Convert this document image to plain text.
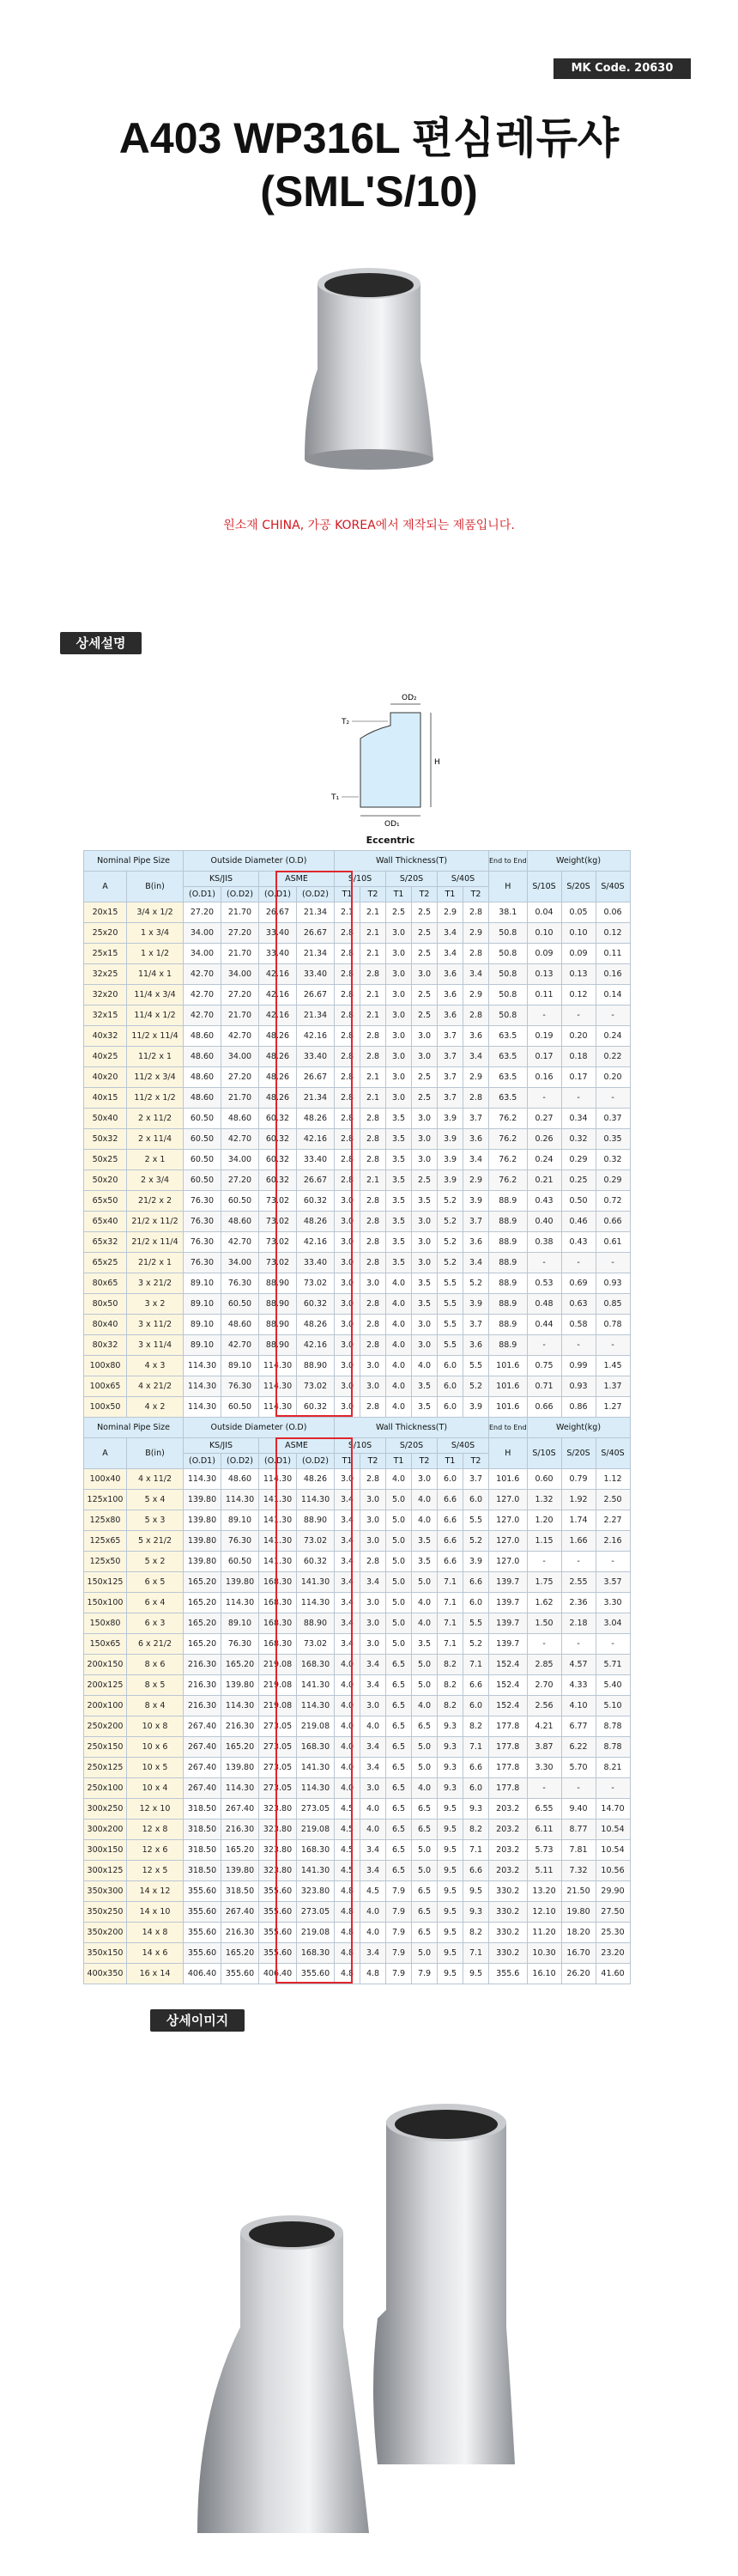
MK Code. 20630
A403 WP316L 편심레듀샤
(SML'S/10)
원소재 CHINA, 가공 KOREA에서 제작되는 제품입니다.
상세설명
OD₂
OD₁
T₂
T₁
H
Eccentric
Nominal Pipe Size		Outside Diameter (O.D)				Wall Thickness(T)						End to End	Weight(kg)		
A	B(in)	KS/JIS		ASME		S/10S		S/20S		S/40S		H	S/10S	S/20S	S/40S
		(O.D1)	(O.D2)	(O.D1)	(O.D2)	T1	T2	T1	T2	T1	T2				
20x15	3/4 x 1/2	27.20	21.70	26.67	21.34	2.1	2.1	2.5	2.5	2.9	2.8	38.1	0.04	0.05	0.06
25x20	1 x 3/4	34.00	27.20	33.40	26.67	2.8	2.1	3.0	2.5	3.4	2.9	50.8	0.10	0.10	0.12
25x15	1 x 1/2	34.00	21.70	33.40	21.34	2.8	2.1	3.0	2.5	3.4	2.8	50.8	0.09	0.09	0.11
32x25	11/4 x 1	42.70	34.00	42.16	33.40	2.8	2.8	3.0	3.0	3.6	3.4	50.8	0.13	0.13	0.16
32x20	11/4 x 3/4	42.70	27.20	42.16	26.67	2.8	2.1	3.0	2.5	3.6	2.9	50.8	0.11	0.12	0.14
32x15	11/4 x 1/2	42.70	21.70	42.16	21.34	2.8	2.1	3.0	2.5	3.6	2.8	50.8	-	-	-
40x32	11/2 x 11/4	48.60	42.70	48.26	42.16	2.8	2.8	3.0	3.0	3.7	3.6	63.5	0.19	0.20	0.24
40x25	11/2 x 1	48.60	34.00	48.26	33.40	2.8	2.8	3.0	3.0	3.7	3.4	63.5	0.17	0.18	0.22
40x20	11/2 x 3/4	48.60	27.20	48.26	26.67	2.8	2.1	3.0	2.5	3.7	2.9	63.5	0.16	0.17	0.20
40x15	11/2 x 1/2	48.60	21.70	48.26	21.34	2.8	2.1	3.0	2.5	3.7	2.8	63.5	-	-	-
50x40	2 x 11/2	60.50	48.60	60.32	48.26	2.8	2.8	3.5	3.0	3.9	3.7	76.2	0.27	0.34	0.37
50x32	2 x 11/4	60.50	42.70	60.32	42.16	2.8	2.8	3.5	3.0	3.9	3.6	76.2	0.26	0.32	0.35
50x25	2 x 1	60.50	34.00	60.32	33.40	2.8	2.8	3.5	3.0	3.9	3.4	76.2	0.24	0.29	0.32
50x20	2 x 3/4	60.50	27.20	60.32	26.67	2.8	2.1	3.5	2.5	3.9	2.9	76.2	0.21	0.25	0.29
65x50	21/2 x 2	76.30	60.50	73.02	60.32	3.0	2.8	3.5	3.5	5.2	3.9	88.9	0.43	0.50	0.72
65x40	21/2 x 11/2	76.30	48.60	73.02	48.26	3.0	2.8	3.5	3.0	5.2	3.7	88.9	0.40	0.46	0.66
65x32	21/2 x 11/4	76.30	42.70	73.02	42.16	3.0	2.8	3.5	3.0	5.2	3.6	88.9	0.38	0.43	0.61
65x25	21/2 x 1	76.30	34.00	73.02	33.40	3.0	2.8	3.5	3.0	5.2	3.4	88.9	-	-	-
80x65	3 x 21/2	89.10	76.30	88.90	73.02	3.0	3.0	4.0	3.5	5.5	5.2	88.9	0.53	0.69	0.93
80x50	3 x 2	89.10	60.50	88.90	60.32	3.0	2.8	4.0	3.5	5.5	3.9	88.9	0.48	0.63	0.85
80x40	3 x 11/2	89.10	48.60	88.90	48.26	3.0	2.8	4.0	3.0	5.5	3.7	88.9	0.44	0.58	0.78
80x32	3 x 11/4	89.10	42.70	88.90	42.16	3.0	2.8	4.0	3.0	5.5	3.6	88.9	-	-	-
100x80	4 x 3	114.30	89.10	114.30	88.90	3.0	3.0	4.0	4.0	6.0	5.5	101.6	0.75	0.99	1.45
100x65	4 x 21/2	114.30	76.30	114.30	73.02	3.0	3.0	4.0	3.5	6.0	5.2	101.6	0.71	0.93	1.37
100x50	4 x 2	114.30	60.50	114.30	60.32	3.0	2.8	4.0	3.5	6.0	3.9	101.6	0.66	0.86	1.27
Nominal Pipe Size		Outside Diameter (O.D)				Wall Thickness(T)						End to End	Weight(kg)		
A	B(in)	KS/JIS		ASME		S/10S		S/20S		S/40S		H	S/10S	S/20S	S/40S
		(O.D1)	(O.D2)	(O.D1)	(O.D2)	T1	T2	T1	T2	T1	T2				
100x40	4 x 11/2	114.30	48.60	114.30	48.26	3.0	2.8	4.0	3.0	6.0	3.7	101.6	0.60	0.79	1.12
125x100	5 x 4	139.80	114.30	141.30	114.30	3.4	3.0	5.0	4.0	6.6	6.0	127.0	1.32	1.92	2.50
125x80	5 x 3	139.80	89.10	141.30	88.90	3.4	3.0	5.0	4.0	6.6	5.5	127.0	1.20	1.74	2.27
125x65	5 x 21/2	139.80	76.30	141.30	73.02	3.4	3.0	5.0	3.5	6.6	5.2	127.0	1.15	1.66	2.16
125x50	5 x 2	139.80	60.50	141.30	60.32	3.4	2.8	5.0	3.5	6.6	3.9	127.0	-	-	-
150x125	6 x 5	165.20	139.80	168.30	141.30	3.4	3.4	5.0	5.0	7.1	6.6	139.7	1.75	2.55	3.57
150x100	6 x 4	165.20	114.30	168.30	114.30	3.4	3.0	5.0	4.0	7.1	6.0	139.7	1.62	2.36	3.30
150x80	6 x 3	165.20	89.10	168.30	88.90	3.4	3.0	5.0	4.0	7.1	5.5	139.7	1.50	2.18	3.04
150x65	6 x 21/2	165.20	76.30	168.30	73.02	3.4	3.0	5.0	3.5	7.1	5.2	139.7	-	-	-
200x150	8 x 6	216.30	165.20	219.08	168.30	4.0	3.4	6.5	5.0	8.2	7.1	152.4	2.85	4.57	5.71
200x125	8 x 5	216.30	139.80	219.08	141.30	4.0	3.4	6.5	5.0	8.2	6.6	152.4	2.70	4.33	5.40
200x100	8 x 4	216.30	114.30	219.08	114.30	4.0	3.0	6.5	4.0	8.2	6.0	152.4	2.56	4.10	5.10
250x200	10 x 8	267.40	216.30	273.05	219.08	4.0	4.0	6.5	6.5	9.3	8.2	177.8	4.21	6.77	8.78
250x150	10 x 6	267.40	165.20	273.05	168.30	4.0	3.4	6.5	5.0	9.3	7.1	177.8	3.87	6.22	8.78
250x125	10 x 5	267.40	139.80	273.05	141.30	4.0	3.4	6.5	5.0	9.3	6.6	177.8	3.30	5.70	8.21
250x100	10 x 4	267.40	114.30	273.05	114.30	4.0	3.0	6.5	4.0	9.3	6.0	177.8	-	-	-
300x250	12 x 10	318.50	267.40	323.80	273.05	4.5	4.0	6.5	6.5	9.5	9.3	203.2	6.55	9.40	14.70
300x200	12 x 8	318.50	216.30	323.80	219.08	4.5	4.0	6.5	6.5	9.5	8.2	203.2	6.11	8.77	10.54
300x150	12 x 6	318.50	165.20	323.80	168.30	4.5	3.4	6.5	5.0	9.5	7.1	203.2	5.73	7.81	10.54
300x125	12 x 5	318.50	139.80	323.80	141.30	4.5	3.4	6.5	5.0	9.5	6.6	203.2	5.11	7.32	10.56
350x300	14 x 12	355.60	318.50	355.60	323.80	4.8	4.5	7.9	6.5	9.5	9.5	330.2	13.20	21.50	29.90
350x250	14 x 10	355.60	267.40	355.60	273.05	4.8	4.0	7.9	6.5	9.5	9.3	330.2	12.10	19.80	27.50
350x200	14 x 8	355.60	216.30	355.60	219.08	4.8	4.0	7.9	6.5	9.5	8.2	330.2	11.20	18.20	25.30
350x150	14 x 6	355.60	165.20	355.60	168.30	4.8	3.4	7.9	5.0	9.5	7.1	330.2	10.30	16.70	23.20
400x350	16 x 14	406.40	355.60	406.40	355.60	4.8	4.8	7.9	7.9	9.5	9.5	355.6	16.10	26.20	41.60
상세이미지
